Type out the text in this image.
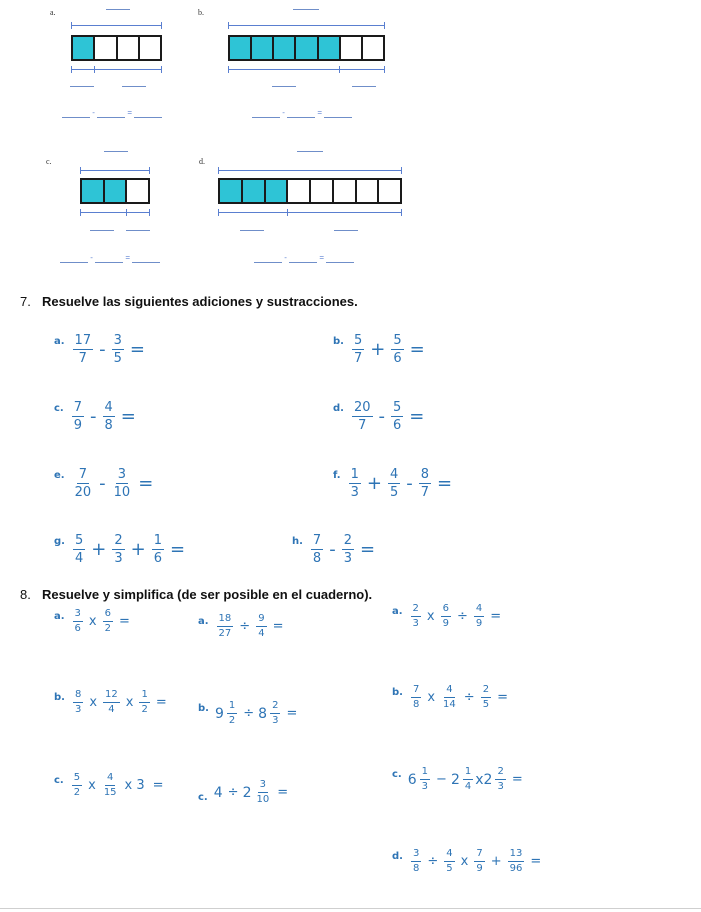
a.
-	=
b.
-	=
c.
-	=
d.
-	=
7. Resuelve las siguientes adiciones y sustracciones.
a. $\frac{17}{7} - \frac{3}{5}$ =	b. $\frac{5}{7} + \frac{5}{6}$ =
c. $\frac{7}{9} - \frac{4}{8}$ =	d. $\frac{20}{7} - \frac{5}{6}$ =
e. $\frac{7}{20} - \frac{3}{10}$ =	f. $\frac{1}{3} + \frac{4}{5} - \frac{8}{7}$ =
g. $\frac{5}{4} + \frac{2}{3} + \frac{1}{6}$ =	h. $\frac{7}{8} - \frac{2}{3}$ =
8. Resuelve y simplifica (de ser posible en el cuaderno).
a. $\frac{3}{6}$ x $\frac{6}{2}$ =
b. $\frac{8}{3}$ x $\frac{12}{4}$ x $\frac{1}{2}$ =
c. $\frac{5}{2}$ x $\frac{4}{15}$ x 3 =
a. $\frac{18}{27} \div \frac{9}{4}$ =
b. $9 \frac{1}{2} \div 8 \frac{2}{3}$ =
c. $4 \div 2 \frac{3}{10}$ =
a. $\frac{2}{3}$ x $\frac{6}{9} \div \frac{4}{9}$ =
b. $\frac{7}{8}$ x $\frac{4}{14} \div \frac{2}{5}$ =
c. $6 \frac{1}{3} - 2 \frac{1}{4} x2 \frac{2}{3}$ =
d. $\frac{3}{8} \div \frac{4}{5}$ x $\frac{7}{9} + \frac{13}{96}$ =
